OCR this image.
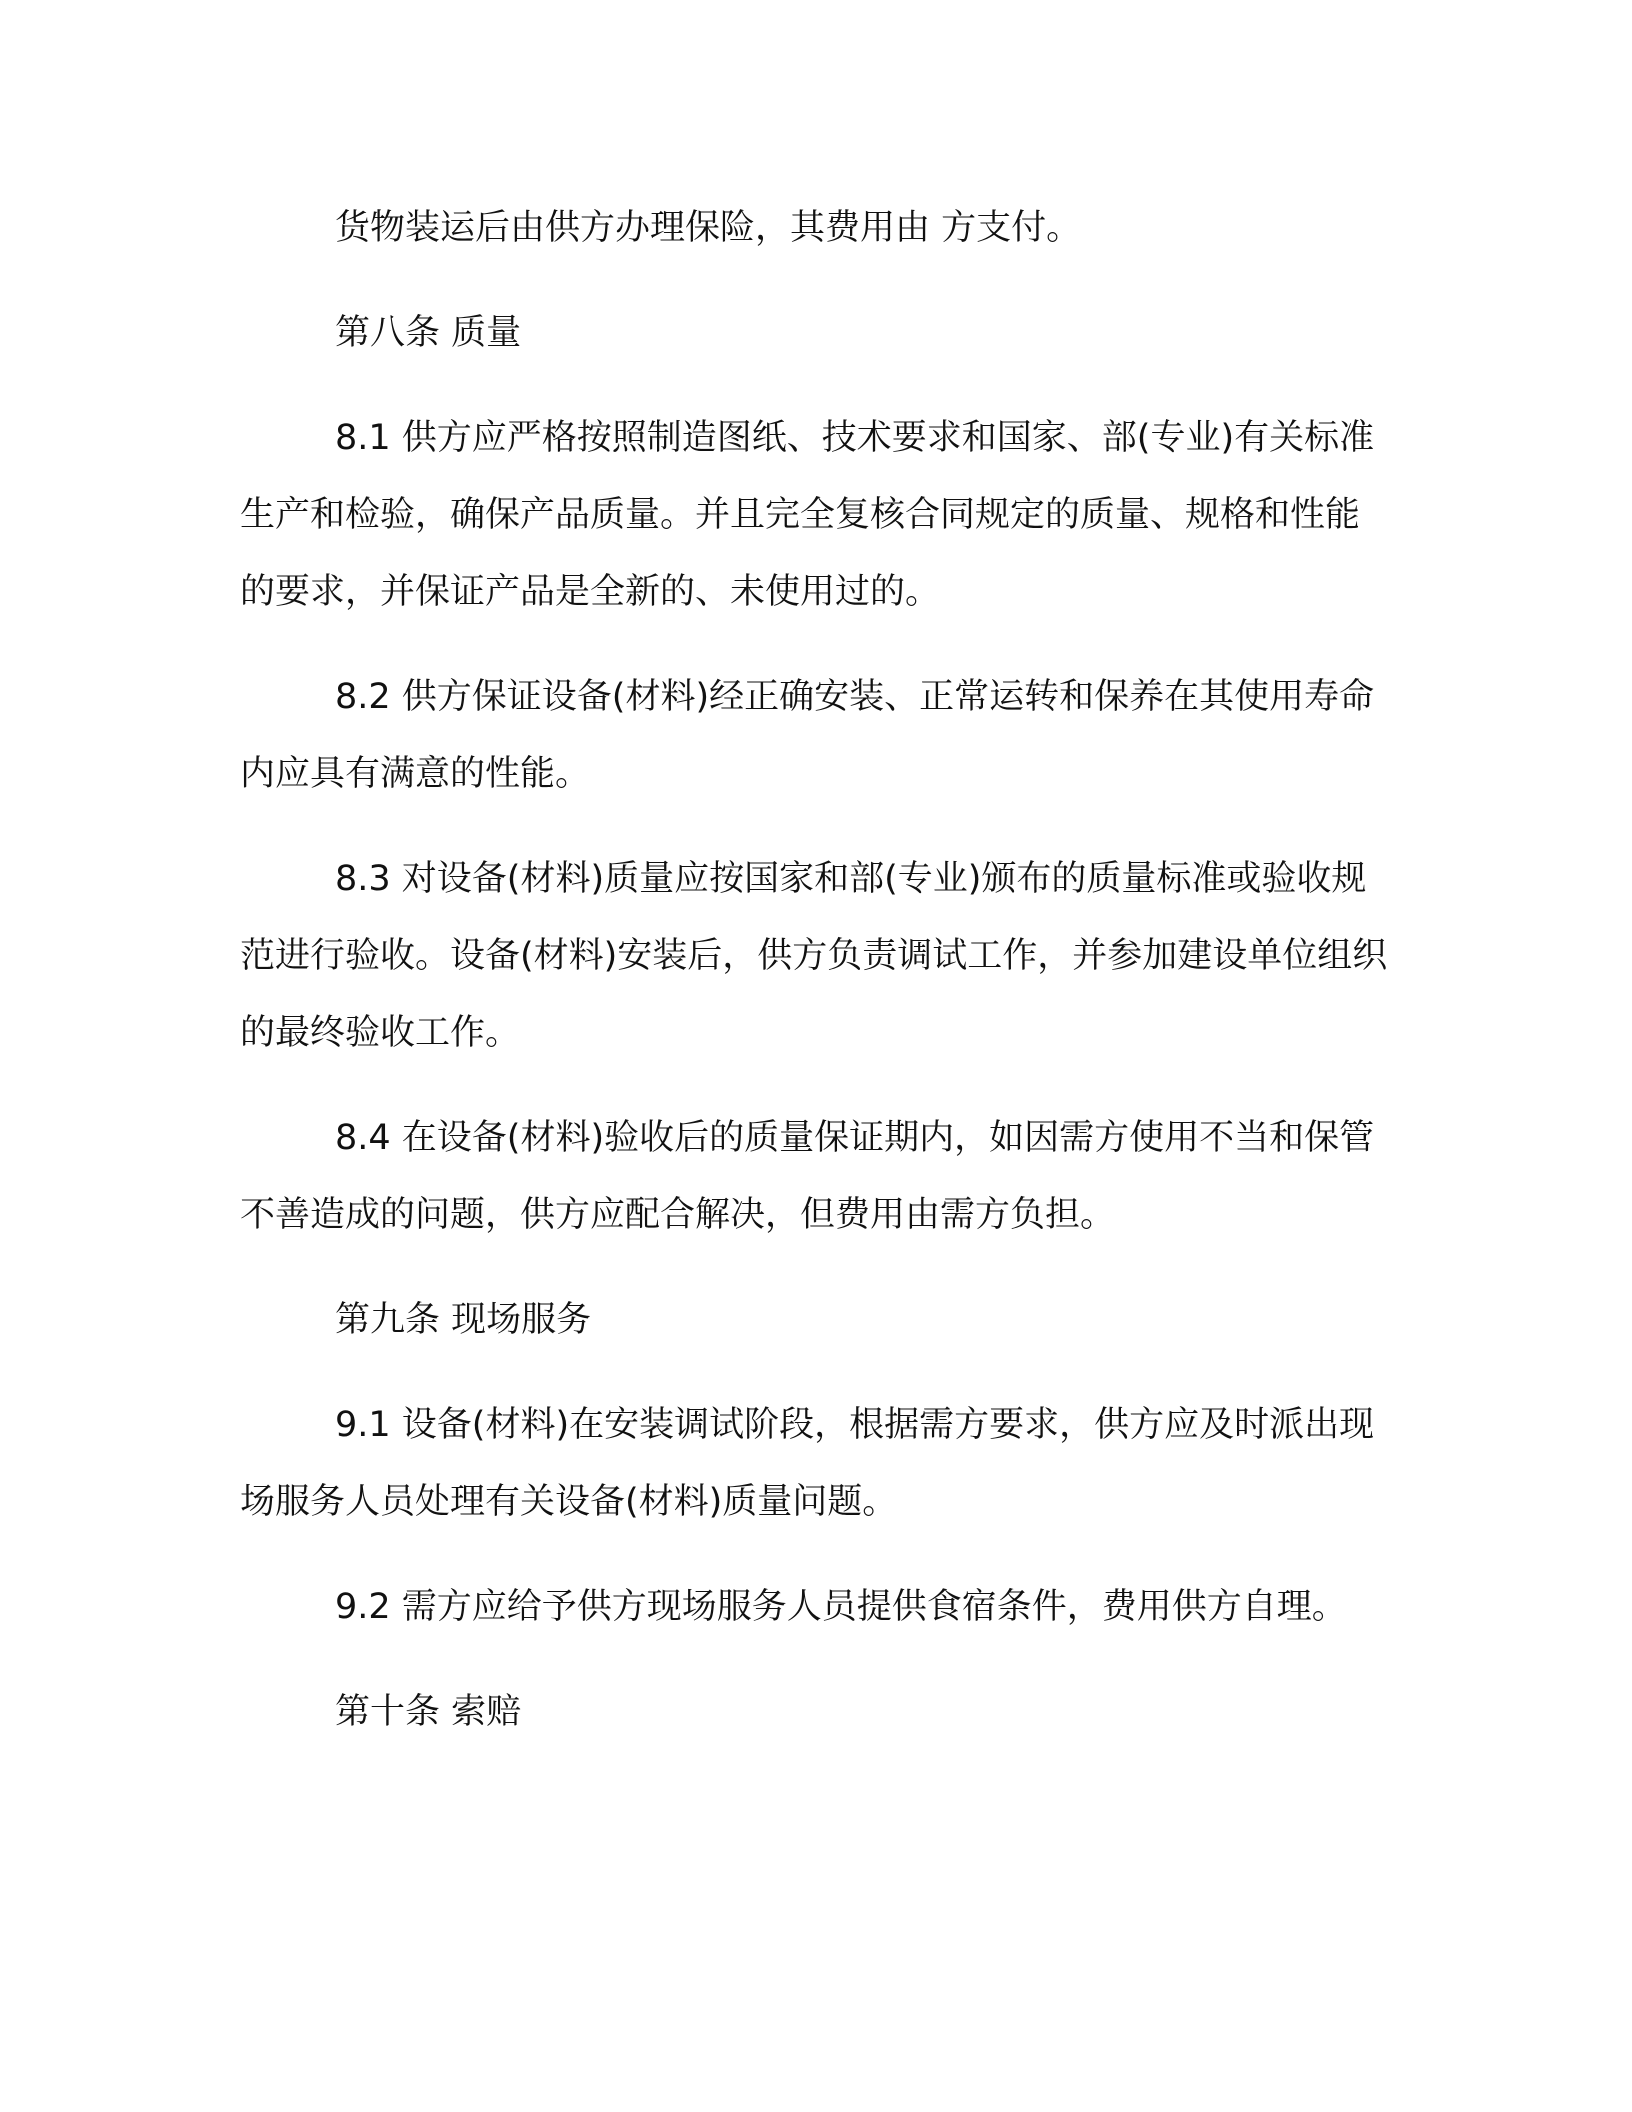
货物装运后由供方办理保险，其费用由 方支付。

第八条 质量

8.1 供方应严格按照制造图纸、技术要求和国家、部(专业)有关标准生产和检验，确保产品质量。并且完全复核合同规定的质量、规格和性能的要求，并保证产品是全新的、未使用过的。

8.2 供方保证设备(材料)经正确安装、正常运转和保养在其使用寿命内应具有满意的性能。

8.3 对设备(材料)质量应按国家和部(专业)颁布的质量标准或验收规范进行验收。设备(材料)安装后，供方负责调试工作，并参加建设单位组织的最终验收工作。

8.4 在设备(材料)验收后的质量保证期内，如因需方使用不当和保管不善造成的问题，供方应配合解决，但费用由需方负担。

第九条 现场服务

9.1 设备(材料)在安装调试阶段，根据需方要求，供方应及时派出现场服务人员处理有关设备(材料)质量问题。

9.2 需方应给予供方现场服务人员提供食宿条件，费用供方自理。

第十条 索赔
